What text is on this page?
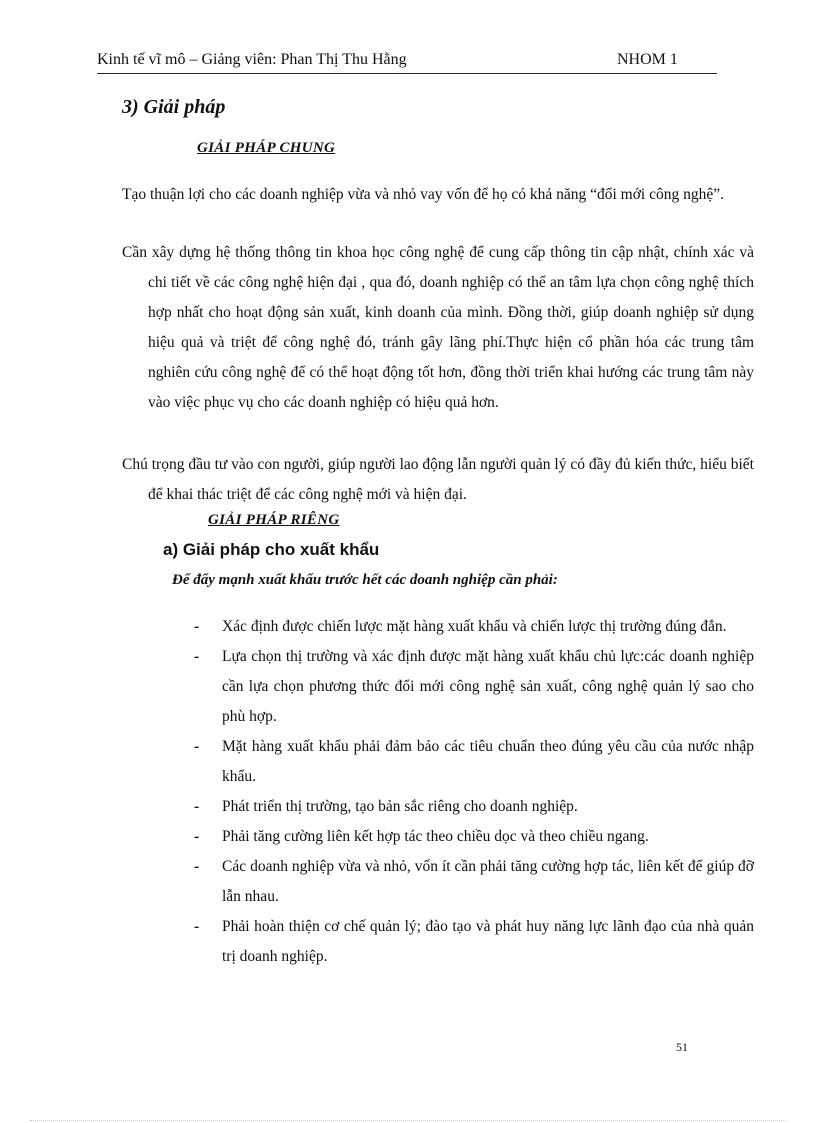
Kinh tế vĩ mô – Giảng viên: Phan Thị Thu Hằng	NHOM 1
3) Giải pháp
GIẢI PHÁP CHUNG
Tạo thuận lợi cho các doanh nghiệp vừa và nhỏ vay vốn để họ có khả năng “đổi mới công nghệ”.
Cần xây dựng hệ thống thông tin khoa học công nghệ để cung cấp thông tin cập nhật, chính xác và chi tiết về các công nghệ hiện đại , qua đó, doanh nghiệp có thể an tâm lựa chọn công nghệ thích hợp nhất cho hoạt động sản xuất, kinh doanh của mình. Đồng thời, giúp doanh nghiệp sử dụng hiệu quả và triệt để công nghệ đó, tránh gây lãng phí.Thực hiện cổ phần hóa các trung tâm nghiên cứu công nghệ để có thể hoạt động tốt hơn, đồng thời triển khai hướng các trung tâm này vào việc phục vụ cho các doanh nghiệp có hiệu quả hơn.
Chú trọng đầu tư vào con người, giúp người lao động lẫn người quản lý có đầy đủ kiến thức, hiểu biết để khai thác triệt để các công nghệ mới và hiện đại.
GIẢI PHÁP RIÊNG
a) Giải pháp cho xuất khẩu
Để đẩy mạnh xuất khẩu trước hết các doanh nghiệp cần phải:
- Xác định được chiến lược mặt hàng xuất khẩu và chiến lược thị trường đúng đắn.
- Lựa chọn thị trường và xác định được mặt hàng xuất khẩu chủ lực:các doanh nghiệp cần lựa chọn phương thức đổi mới công nghệ sản xuất, công nghệ quản lý sao cho phù hợp.
- Mặt hàng xuất khẩu phải đảm bảo các tiêu chuẩn theo đúng yêu cầu của nước nhập khẩu.
- Phát triển thị trường, tạo bản sắc riêng cho doanh nghiệp.
- Phải tăng cường liên kết hợp tác theo chiều dọc và theo chiều ngang.
- Các doanh nghiệp vừa và nhỏ, vốn ít cần phải tăng cường hợp tác, liên kết để giúp đỡ lẫn nhau.
- Phải hoàn thiện cơ chế quản lý; đào tạo và phát huy năng lực lãnh đạo của nhà quản trị doanh nghiệp.
51
